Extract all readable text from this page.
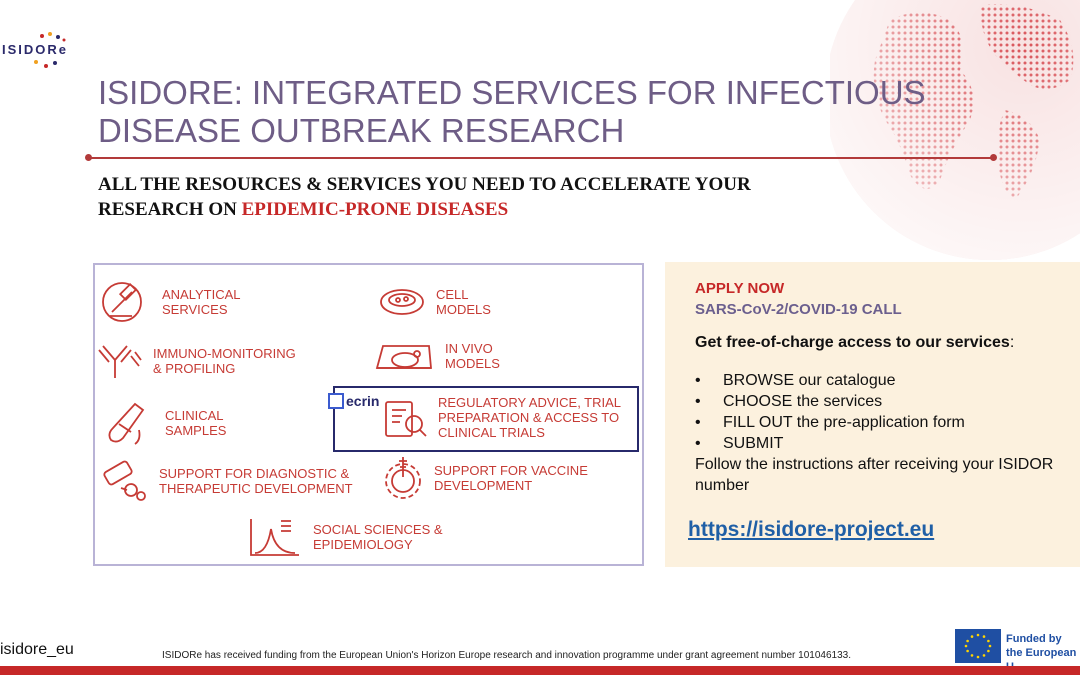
ISIDORe
ISIDORE: INTEGRATED SERVICES FOR INFECTIOUS DISEASE OUTBREAK RESEARCH

ALL THE RESOURCES & SERVICES YOU NEED TO ACCELERATE YOUR
RESEARCH ON EPIDEMIC-PRONE DISEASES

ANALYTICAL
SERVICES
CELL
MODELS
IMMUNO-MONITORING
& PROFILING
IN VIVO
MODELS
ecrin	REGULATORY ADVICE, TRIAL
PREPARATION & ACCESS TO
CLINICAL TRIALS
CLINICAL
SAMPLES
SUPPORT FOR DIAGNOSTIC &
THERAPEUTIC DEVELOPMENT
SUPPORT FOR VACCINE
DEVELOPMENT
SOCIAL SCIENCES &
EPIDEMIOLOGY
APPLY NOW
SARS-CoV-2/COVID-19 CALL
Get free-of-charge access to our services:
•	BROWSE our catalogue
•	CHOOSE the services
•	FILL OUT the pre-application form
•	SUBMIT
Follow the instructions after receiving your ISIDOR
number
https://isidore-project.eu
isidore_eu	ISIDORe has received funding from the European Union's Horizon Europe research and innovation programme under grant agreement number 101046133.
Funded by
the European
